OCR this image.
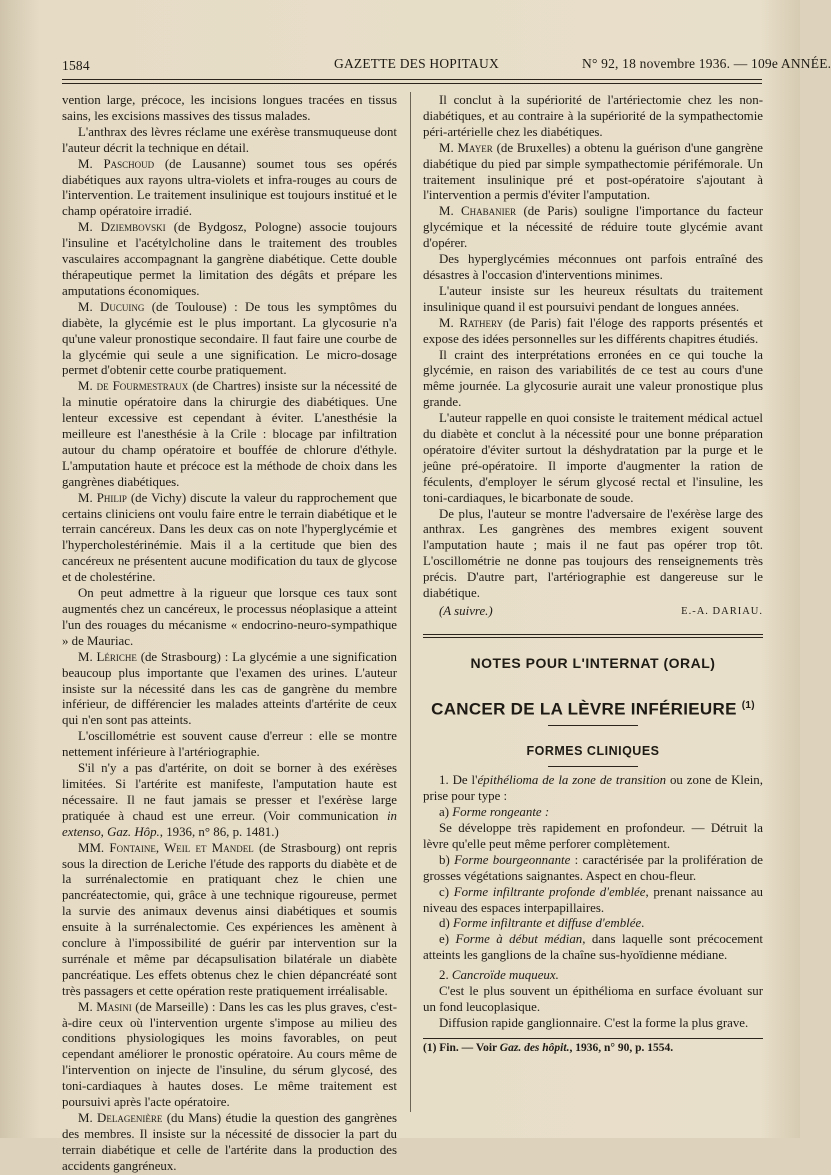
1584	GAZETTE DES HOPITAUX	N° 92, 18 novembre 1936. — 109e ANNÉE.

vention large, précoce, les incisions longues tracées en tissus sains, les excisions massives des tissus malades.

L'anthrax des lèvres réclame une exérèse transmuqueuse dont l'auteur décrit la technique en détail.

M. Paschoud (de Lausanne) soumet tous ses opérés diabétiques aux rayons ultra-violets et infra-rouges au cours de l'intervention. Le traitement insulinique est toujours institué et le champ opératoire irradié.

M. Dziembovski (de Bydgosz, Pologne) associe toujours l'insuline et l'acétylcholine dans le traitement des troubles vasculaires accompagnant la gangrène diabétique. Cette double thérapeutique permet la limitation des dégâts et prépare les amputations économiques.

M. Ducuing (de Toulouse) : De tous les symptômes du diabète, la glycémie est le plus important. La glycosurie n'a qu'une valeur pronostique secondaire. Il faut faire une courbe de la glycémie qui seule a une signification. Le micro-dosage permet d'obtenir cette courbe pratiquement.

M. de Fourmestraux (de Chartres) insiste sur la nécessité de la minutie opératoire dans la chirurgie des diabétiques. Une lenteur excessive est cependant à éviter. L'anesthésie la meilleure est l'anesthésie à la Crile : blocage par infiltration autour du champ opératoire et bouffée de chlorure d'éthyle. L'amputation haute et précoce est la méthode de choix dans les gangrènes diabétiques.

M. Philip (de Vichy) discute la valeur du rapprochement que certains cliniciens ont voulu faire entre le terrain diabétique et le terrain cancéreux. Dans les deux cas on note l'hyperglycémie et l'hypercholestérinémie. Mais il a la certitude que bien des cancéreux ne présentent aucune modification du taux de glycose et de cholestérine.

On peut admettre à la rigueur que lorsque ces taux sont augmentés chez un cancéreux, le processus néoplasique a atteint l'un des rouages du mécanisme « endocrino-neuro-sympathique » de Mauriac.

M. Lériche (de Strasbourg) : La glycémie a une signification beaucoup plus importante que l'examen des urines. L'auteur insiste sur la nécessité dans les cas de gangrène du membre inférieur, de différencier les malades atteints d'artérite de ceux qui n'en sont pas atteints.

L'oscillométrie est souvent cause d'erreur : elle se montre nettement inférieure à l'artériographie.

S'il n'y a pas d'artérite, on doit se borner à des exérèses limitées. Si l'artérite est manifeste, l'amputation haute est nécessaire. Il ne faut jamais se presser et l'exérèse large pratiquée à chaud est une erreur. (Voir communication in extenso, Gaz. Hôp., 1936, n° 86, p. 1481.)

MM. Fontaine, Weil et Mandel (de Strasbourg) ont repris sous la direction de Leriche l'étude des rapports du diabète et de la surrénalectomie en pratiquant chez le chien une pancréatectomie, qui, grâce à une technique rigoureuse, permet la survie des animaux devenus ainsi diabétiques et soumis ensuite à la surrénalectomie. Ces expériences les amènent à conclure à l'impossibilité de guérir par intervention sur la surrénale et même par décapsulisation bilatérale un diabète pancréatique. Les effets obtenus chez le chien dépancréaté sont très passagers et cette opération reste pratiquement irréalisable.

M. Masini (de Marseille) : Dans les cas les plus graves, c'est-à-dire ceux où l'intervention urgente s'impose au milieu des conditions physiologiques les moins favorables, on peut cependant améliorer le pronostic opératoire. Au cours même de l'intervention on injecte de l'insuline, du sérum glycosé, des toni-cardiaques à hautes doses. Le même traitement est poursuivi après l'acte opératoire.

M. Delagenière (du Mans) étudie la question des gangrènes des membres. Il insiste sur la nécessité de dissocier la part du terrain diabétique et celle de l'artérite dans la production des accidents gangréneux.

Il conclut à la supériorité de l'artériectomie chez les non-diabétiques, et au contraire à la supériorité de la sympathectomie péri-artérielle chez les diabétiques.

M. Mayer (de Bruxelles) a obtenu la guérison d'une gangrène diabétique du pied par simple sympathectomie périfémorale. Un traitement insulinique pré et post-opératoire s'ajoutant à l'intervention a permis d'éviter l'amputation.

M. Chabanier (de Paris) souligne l'importance du facteur glycémique et la nécessité de réduire toute glycémie avant d'opérer.

Des hyperglycémies méconnues ont parfois entraîné des désastres à l'occasion d'interventions minimes.

L'auteur insiste sur les heureux résultats du traitement insulinique quand il est poursuivi pendant de longues années.

M. Rathery (de Paris) fait l'éloge des rapports présentés et expose des idées personnelles sur les différents chapitres étudiés.

Il craint des interprétations erronées en ce qui touche la glycémie, en raison des variabilités de ce test au cours d'une même journée. La glycosurie aurait une valeur pronostique plus grande.

L'auteur rappelle en quoi consiste le traitement médical actuel du diabète et conclut à la nécessité pour une bonne préparation opératoire d'éviter surtout la déshydratation par la purge et le jeûne pré-opératoire. Il importe d'augmenter la ration de féculents, d'employer le sérum glycosé rectal et l'insuline, les toni-cardiaques, le bicarbonate de soude.

De plus, l'auteur se montre l'adversaire de l'exérèse large des anthrax. Les gangrènes des membres exigent souvent l'amputation haute ; mais il ne faut pas opérer trop tôt. L'oscillométrie ne donne pas toujours des renseignements très précis. D'autre part, l'artériographie est dangereuse sur le diabétique.

(A suivre.)	E.-A. DARIAU.
NOTES POUR L'INTERNAT (ORAL)
CANCER DE LA LÈVRE INFÉRIEURE $^{(1)}$
FORMES CLINIQUES

1. De l'épithélioma de la zone de transition ou zone de Klein, prise pour type :

a) Forme rongeante :

Se développe très rapidement en profondeur. — Détruit la lèvre qu'elle peut même perforer complètement.

b) Forme bourgeonnante : caractérisée par la prolifération de grosses végétations saignantes. Aspect en chou-fleur.

c) Forme infiltrante profonde d'emblée, prenant naissance au niveau des espaces interpapillaires.

d) Forme infiltrante et diffuse d'emblée.

e) Forme à début médian, dans laquelle sont précocement atteints les ganglions de la chaîne sus-hyoïdienne médiane.

2. Cancroïde muqueux.

C'est le plus souvent un épithélioma en surface évoluant sur un fond leucoplasique.

Diffusion rapide ganglionnaire. C'est la forme la plus grave.

(1) Fin. — Voir Gaz. des hôpit., 1936, n° 90, p. 1554.
